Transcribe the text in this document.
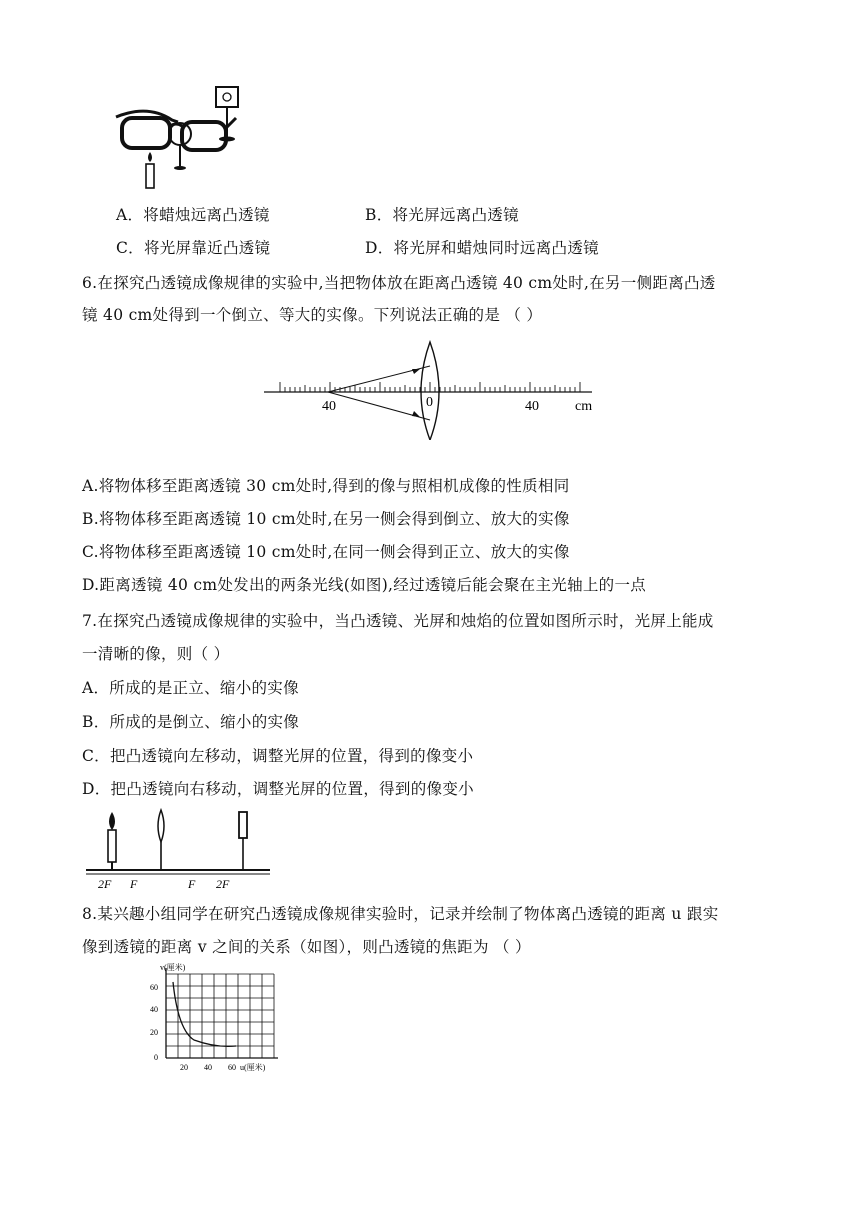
A．将蜡烛远离凸透镜	B．将光屏远离凸透镜
C．将光屏靠近凸透镜	D．将光屏和蜡烛同时远离凸透镜
6.在探究凸透镜成像规律的实验中,当把物体放在距离凸透镜 40 cm处时,在另一侧距离凸透
镜 40 cm处得到一个倒立、等大的实像。下列说法正确的是 （ ）
40	0	40	cm
A.将物体移至距离透镜 30 cm处时,得到的像与照相机成像的性质相同
B.将物体移至距离透镜 10 cm处时,在另一侧会得到倒立、放大的实像
C.将物体移至距离透镜 10 cm处时,在同一侧会得到正立、放大的实像
D.距离透镜 40 cm处发出的两条光线(如图),经过透镜后能会聚在主光轴上的一点
7.在探究凸透镜成像规律的实验中，当凸透镜、光屏和烛焰的位置如图所示时，光屏上能成
一清晰的像，则（ ）
A．所成的是正立、缩小的实像
B．所成的是倒立、缩小的实像
C．把凸透镜向左移动，调整光屏的位置，得到的像变小
D．把凸透镜向右移动，调整光屏的位置，得到的像变小
2F F	F 2F
8.某兴趣小组同学在研究凸透镜成像规律实验时，记录并绘制了物体离凸透镜的距离 u 跟实
像到透镜的距离 v 之间的关系（如图），则凸透镜的焦距为 （ ）
v(厘米)
60
40
20
0
20 40 60 u(厘米)
